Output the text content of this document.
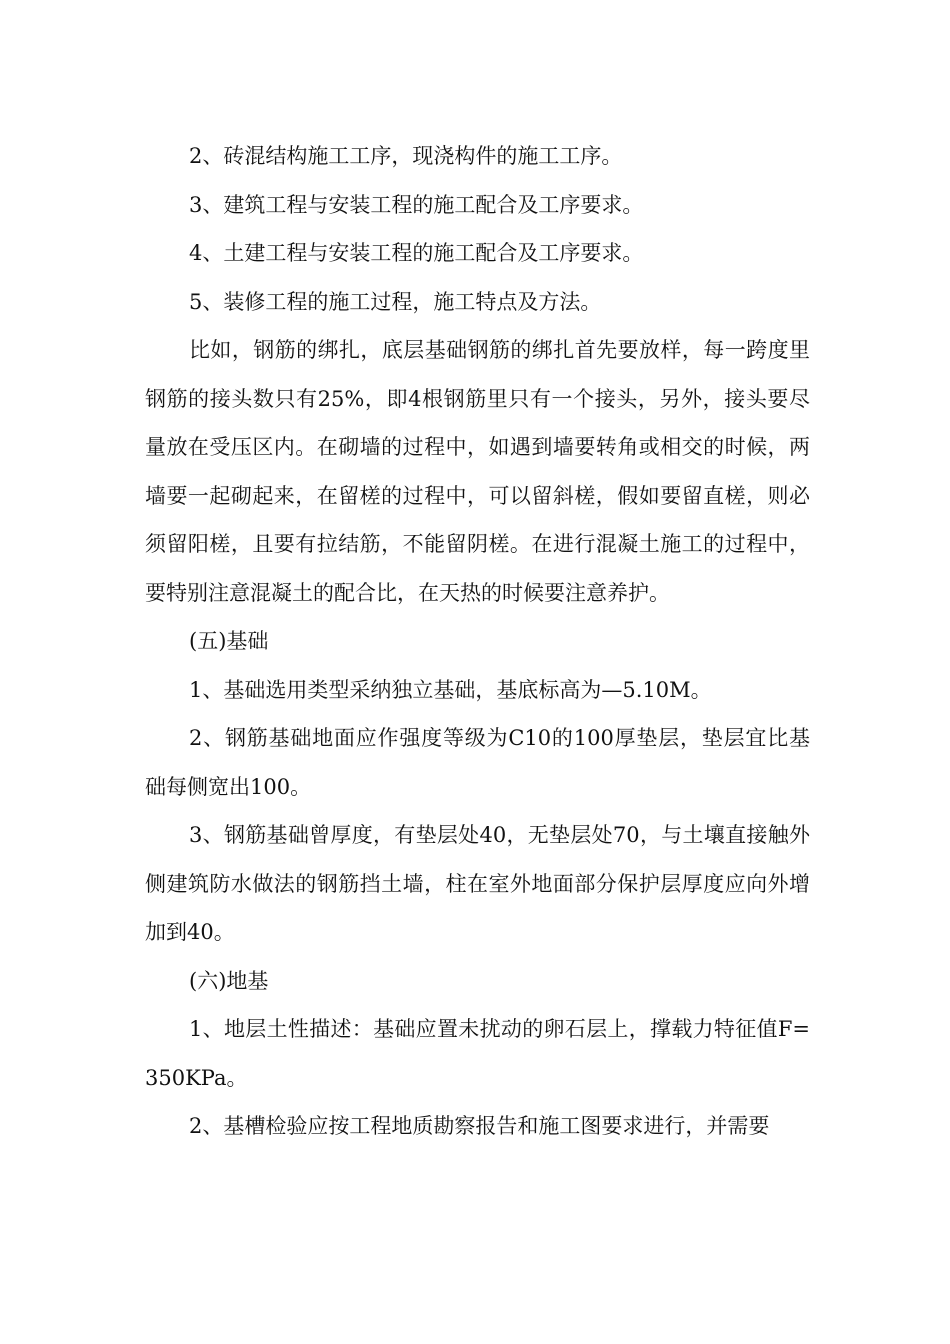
2、砖混结构施工工序，现浇构件的施工工序。

3、建筑工程与安装工程的施工配合及工序要求。

4、土建工程与安装工程的施工配合及工序要求。

5、装修工程的施工过程，施工特点及方法。

比如，钢筋的绑扎，底层基础钢筋的绑扎首先要放样，每一跨度里钢筋的接头数只有25%，即4根钢筋里只有一个接头，另外，接头要尽量放在受压区内。在砌墙的过程中，如遇到墙要转角或相交的时候，两墙要一起砌起来，在留槎的过程中，可以留斜槎，假如要留直槎，则必须留阳槎，且要有拉结筋，不能留阴槎。在进行混凝土施工的过程中，要特别注意混凝土的配合比，在天热的时候要注意养护。

(五)基础

1、基础选用类型采纳独立基础，基底标高为—5.10M。

2、钢筋基础地面应作强度等级为C10的100厚垫层，垫层宜比基础每侧宽出100。

3、钢筋基础曾厚度，有垫层处40，无垫层处70，与土壤直接触外侧建筑防水做法的钢筋挡土墙，柱在室外地面部分保护层厚度应向外增加到40。

(六)地基

1、地层土性描述：基础应置未扰动的卵石层上，撑载力特征值F=350KPa。

2、基槽检验应按工程地质勘察报告和施工图要求进行，并需要
